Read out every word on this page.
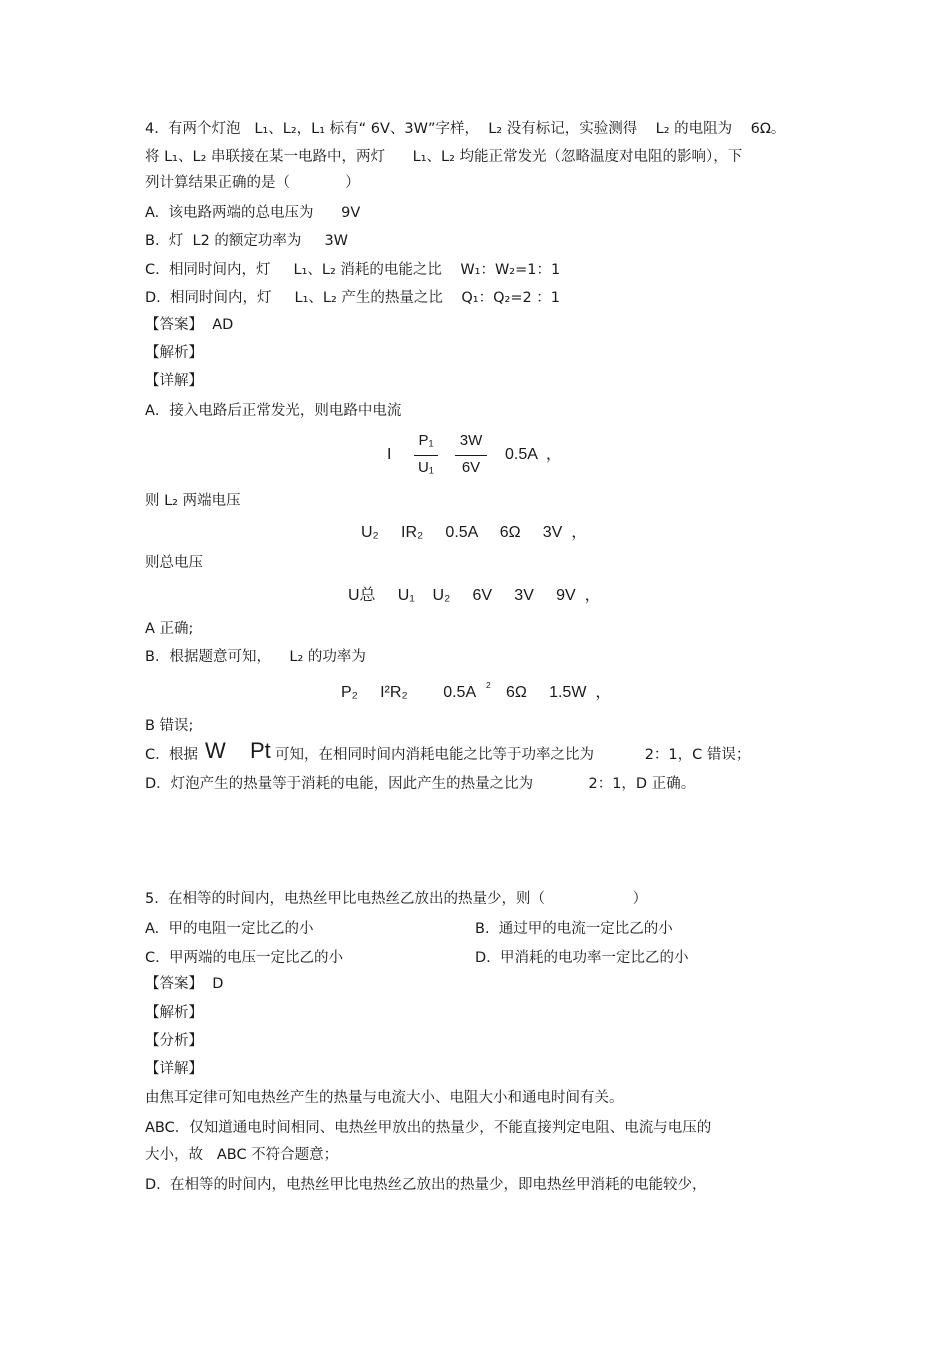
4.  有两个灯泡   L₁、L₂，L₁ 标有“ 6V、3W”字样，  L₂ 没有标记，实验测得    L₂ 的电阻为    6Ω。
将 L₁、L₂ 串联接在某一电路中，两灯      L₁、L₂ 均能正常发光（忽略温度对电阻的影响），下
列计算结果正确的是（            ）
A.  该电路两端的总电压为      9V
B.  灯  L2 的额定功率为     3W
C.  相同时间内，灯     L₁、L₂ 消耗的电能之比    W₁：W₂=1：1
D.  相同时间内，灯     L₁、L₂ 产生的热量之比    Q₁：Q₂=2 ：1
【答案】  AD
【解析】
【详解】
A．接入电路后正常发光，则电路中电流
I
P₁
U₁
3W
6V
0.5A  ，
则 L₂ 两端电压
U₂     IR₂     0.5A     6Ω     3V  ，
则总电压
U总     U₁    U₂     6V     3V     9V  ，
A 正确;
B．根据题意可知，    L₂ 的功率为
P₂     I²R₂        0.5A 2 6Ω     1.5W  ，
B 错误;
C.  根据 W Pt 可知，在相同时间内消耗电能之比等于功率之比为           2：1，C 错误；
D．灯泡产生的热量等于消耗的电能，因此产生的热量之比为            2：1，D 正确。
5.  在相等的时间内，电热丝甲比电热丝乙放出的热量少，则（                   ）
A.  甲的电阻一定比乙的小	B.  通过甲的电流一定比乙的小
C.  甲两端的电压一定比乙的小	D.  甲消耗的电功率一定比乙的小
【答案】  D
【解析】
【分析】
【详解】
由焦耳定律可知电热丝产生的热量与电流大小、电阻大小和通电时间有关。
ABC．仅知道通电时间相同、电热丝甲放出的热量少，不能直接判定电阻、电流与电压的
大小，故   ABC 不符合题意；
D.  在相等的时间内，电热丝甲比电热丝乙放出的热量少，即电热丝甲消耗的电能较少，
